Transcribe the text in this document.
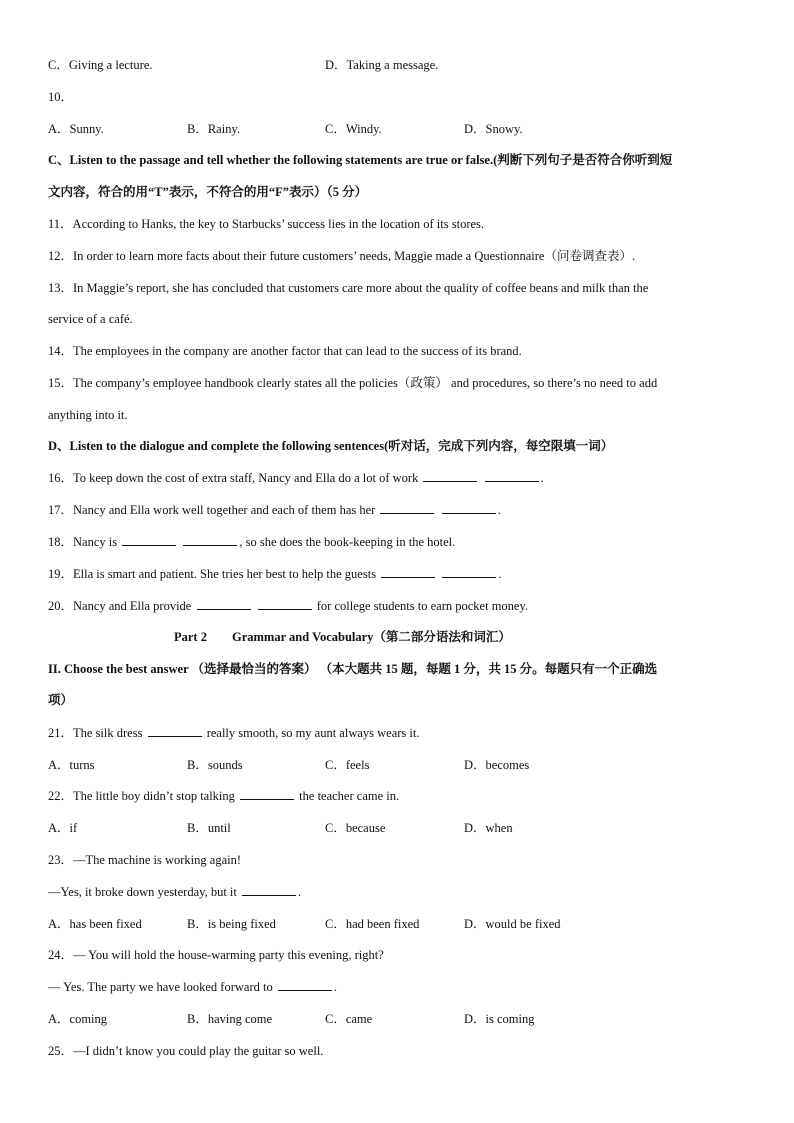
C．Giving a lecture.	D．Taking a message.
10．
A．Sunny.	B．Rainy.	C．Windy.	D．Snowy.
C、Listen to the passage and tell whether the following statements are true or false.(判断下列句子是否符合你听到短
文内容，符合的用“T”表示，不符合的用“F”表示）（5 分）
11．According to Hanks, the key to Starbucks’ success lies in the location of its stores.
12．In order to learn more facts about their future customers’ needs, Maggie made a Questionnaire（问卷调查表）.
13．In Maggie’s report, she has concluded that customers care more about the quality of coffee beans and milk than the
service of a café.
14．The employees in the company are another factor that can lead to the success of its brand.
15．The company’s employee handbook clearly states all the policies（政策） and procedures, so there’s no need to add
anything into it.
D、Listen to the dialogue and complete the following sentences(听对话，完成下列内容，每空限填一词）
16．To keep down the cost of extra staff, Nancy and Ella do a lot of work	.
17．Nancy and Ella work well together and each of them has her	.
18．Nancy is	, so she does the book-keeping in the hotel.
19．Ella is smart and patient. She tries her best to help the guests	.
20．Nancy and Ella provide	for college students to earn pocket money.
Part 2　　Grammar and Vocabulary（第二部分语法和词汇）
II. Choose the best answer （选择最恰当的答案） （本大题共 15 题，每题 1 分，共 15 分。每题只有一个正确选
项）
21．The silk dress	really smooth, so my aunt always wears it.
A．turns	B．sounds	C．feels	D．becomes
22．The little boy didn’t stop talking	the teacher came in.
A．if	B．until	C．because	D．when
23．—The machine is working again!
—Yes, it broke down yesterday, but it	.
A．has been fixed	B．is being fixed	C．had been fixed	D．would be fixed
24．— You will hold the house-warming party this evening, right?
— Yes. The party we have looked forward to	.
A．coming	B．having come	C．came	D．is coming
25．—I didn’t know you could play the guitar so well.
